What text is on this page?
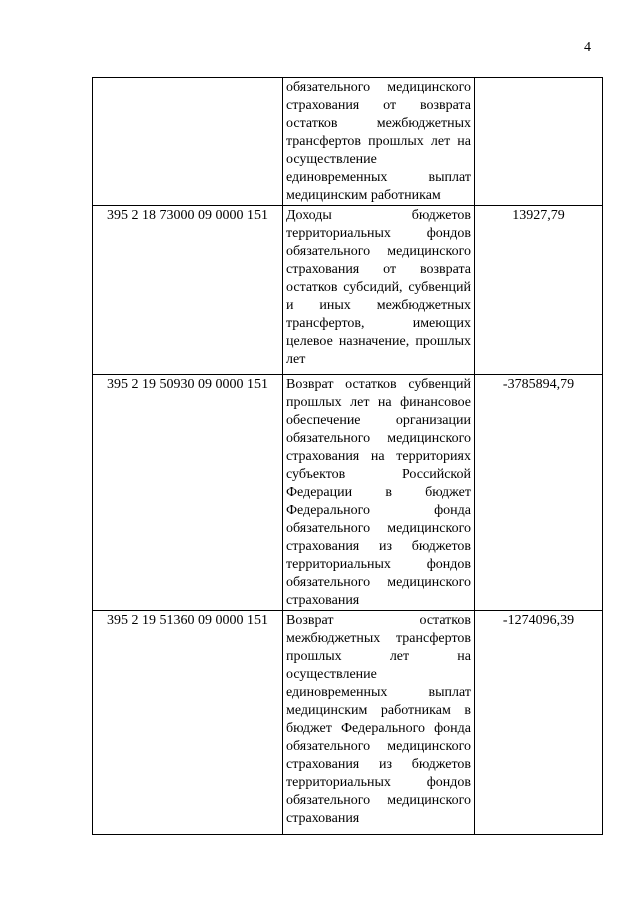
4
	обязательного медицинского страхования от возврата остатков межбюджетных трансфертов прошлых лет на осуществление единовременных выплат медицинским работникам	
395 2 18 73000 09 0000 151	Доходы бюджетов территориальных фондов обязательного медицинского страхования от возврата остатков субсидий, субвенций и иных межбюджетных трансфертов, имеющих целевое назначение, прошлых лет	13927,79
395 2 19 50930 09 0000 151	Возврат остатков субвенций прошлых лет на финансовое обеспечение организации обязательного медицинского страхования на территориях субъектов Российской Федерации в бюджет Федерального фонда обязательного медицинского страхования из бюджетов территориальных фондов обязательного медицинского страхования	-3785894,79
395 2 19 51360 09 0000 151	Возврат остатков межбюджетных трансфертов прошлых лет на осуществление единовременных выплат медицинским работникам в бюджет Федерального фонда обязательного медицинского страхования из бюджетов территориальных фондов обязательного медицинского страхования	-1274096,39
